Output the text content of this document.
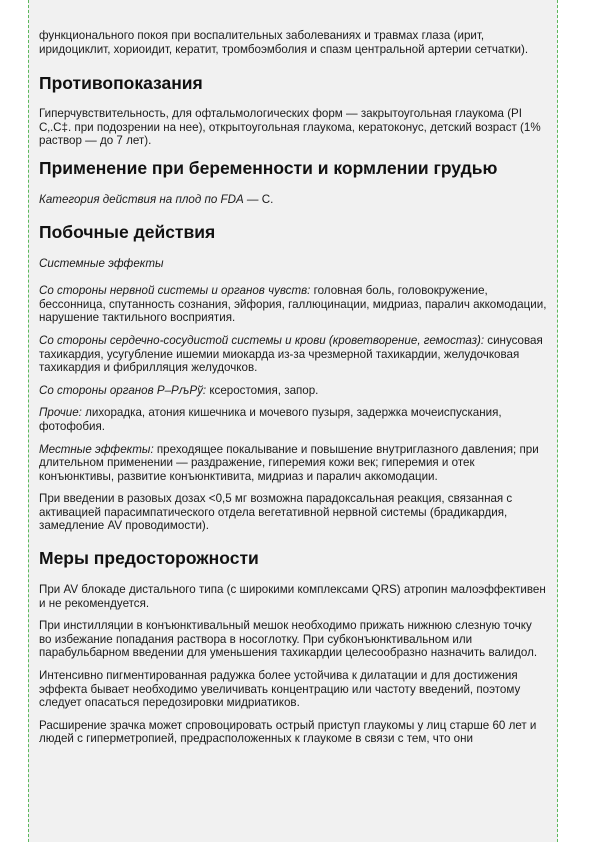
функционального покоя при воспалительных заболеваниях и травмах глаза (ирит, иридоциклит, хориоидит, кератит, тромбоэмболия и спазм центральной артерии сетчатки).

Противопоказания

Гиперчувствительность, для офтальмологических форм — закрытоугольная глаукома (PI C‚.C‡. при подозрении на нее), открытоугольная глаукома, кератоконус, детский возраст (1% раствор — до 7 лет).

Применение при беременности и кормлении грудью

Категория действия на плод по FDA — C.

Побочные действия

Системные эффекты

Со стороны нервной системы и органов чувств: головная боль, головокружение, бессонница, спутанность сознания, эйфория, галлюцинации, мидриаз, паралич аккомодации, нарушение тактильного восприятия.

Со стороны сердечно-сосудистой системы и крови (кроветворение, гемостаз): синусовая тахикардия, усугубление ишемии миокарда из-за чрезмерной тахикардии, желудочковая тахикардия и фибрилляция желудочков.

Со стороны органов Р–РљРў: ксеростомия, запор.

Прочие: лихорадка, атония кишечника и мочевого пузыря, задержка мочеиспускания, фотофобия.

Местные эффекты: преходящее покалывание и повышение внутриглазного давления; при длительном применении — раздражение, гиперемия кожи век; гиперемия и отек конъюнктивы, развитие конъюнктивита, мидриаз и паралич аккомодации.

При введении в разовых дозах <0,5 мг возможна парадоксальная реакция, связанная с активацией парасимпатического отдела вегетативной нервной системы (брадикардия, замедление AV проводимости).

Меры предосторожности

При AV блокаде дистального типа (с широкими комплексами QRS) атропин малоэффективен и не рекомендуется.

При инстилляции в конъюнктивальный мешок необходимо прижать нижнюю слезную точку во избежание попадания раствора в носоглотку. При субконъюнктивальном или парабульбарном введении для уменьшения тахикардии целесообразно назначить валидол.

Интенсивно пигментированная радужка более устойчива к дилатации и для достижения эффекта бывает необходимо увеличивать концентрацию или частоту введений, поэтому следует опасаться передозировки мидриатиков.

Расширение зрачка может спровоцировать острый приступ глаукомы у лиц старше 60 лет и людей с гиперметропией, предрасположенных к глаукоме в связи с тем, что они
